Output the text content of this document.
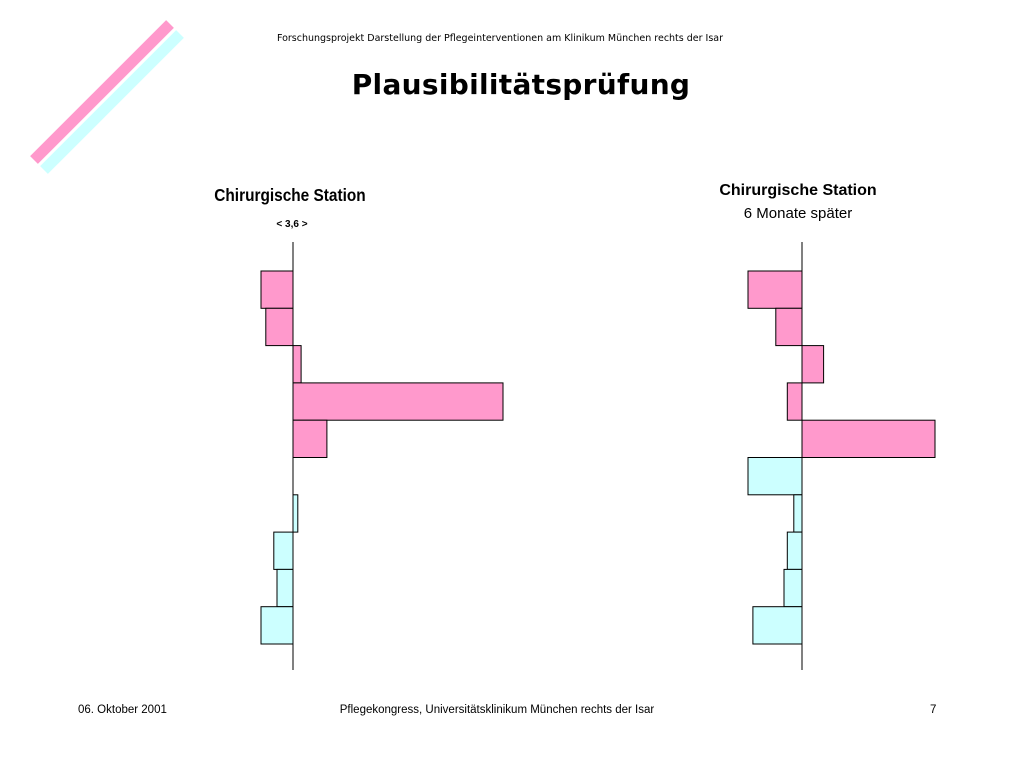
Forschungsprojekt Darstellung der Pflegeinterventionen am Klinikum München rechts der Isar
Plausibilitätsprüfung
Chirurgische Station
< 3,6 >
Chirurgische Station
6 Monate später
06. Oktober 2001	Pflegekongress, Universitätsklinikum München rechts der Isar	7
